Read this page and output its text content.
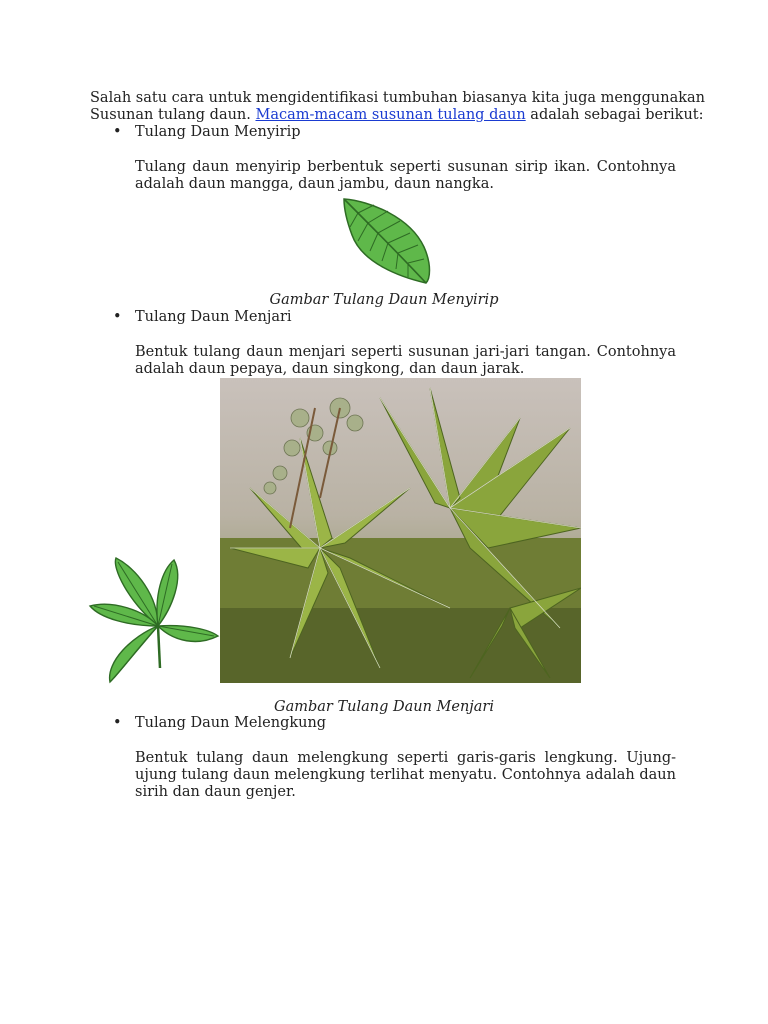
Salah satu cara untuk mengidentifikasi tumbuhan biasanya kita juga menggunakan

Susunan tulang daun. Macam-macam susunan tulang daun adalah sebagai berikut:

• Tulang Daun Menyirip

Tulang daun menyirip berbentuk seperti susunan sirip ikan. Contohnya adalah daun mangga, daun jambu, daun nangka.

Gambar Tulang Daun Menyirip
• Tulang Daun Menjari

Bentuk tulang daun menjari seperti susunan jari-jari tangan. Contohnya adalah daun pepaya, daun singkong, dan daun jarak.

Gambar Tulang Daun Menjari
• Tulang Daun Melengkung

Bentuk tulang daun melengkung seperti garis-garis lengkung. Ujung-ujung tulang daun melengkung terlihat menyatu. Contohnya adalah daun sirih dan daun genjer.
